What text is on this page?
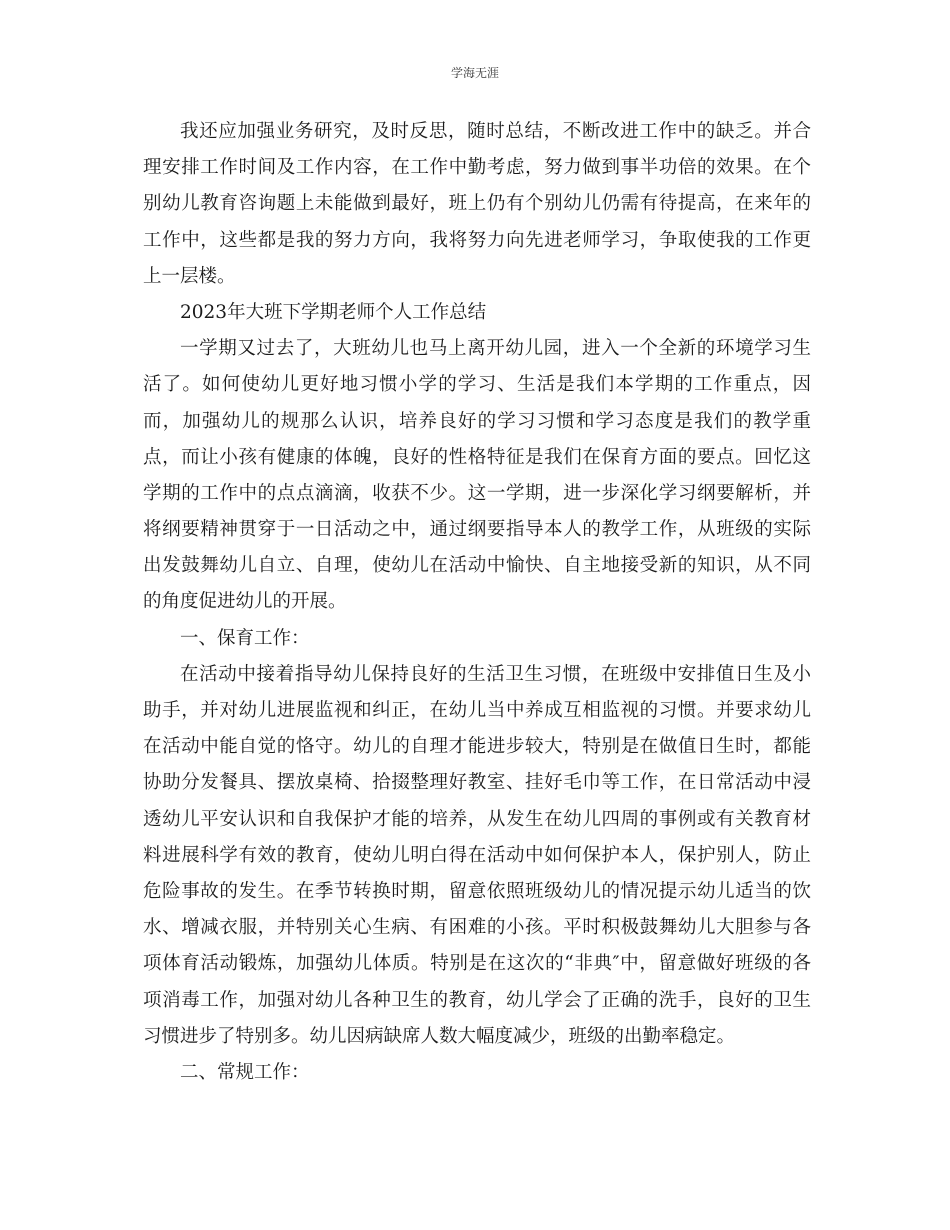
学海无涯
我还应加强业务研究，及时反思，随时总结，不断改进工作中的缺乏。并合
理安排工作时间及工作内容，在工作中勤考虑，努力做到事半功倍的效果。在个
别幼儿教育咨询题上未能做到最好，班上仍有个别幼儿仍需有待提高，在来年的
工作中，这些都是我的努力方向，我将努力向先进老师学习，争取使我的工作更
上一层楼。
2023年大班下学期老师个人工作总结
一学期又过去了，大班幼儿也马上离开幼儿园，进入一个全新的环境学习生
活了。如何使幼儿更好地习惯小学的学习、生活是我们本学期的工作重点，因
而，加强幼儿的规那么认识，培养良好的学习习惯和学习态度是我们的教学重
点，而让小孩有健康的体魄，良好的性格特征是我们在保育方面的要点。回忆这
学期的工作中的点点滴滴，收获不少。这一学期，进一步深化学习纲要解析，并
将纲要精神贯穿于一日活动之中，通过纲要指导本人的教学工作，从班级的实际
出发鼓舞幼儿自立、自理，使幼儿在活动中愉快、自主地接受新的知识，从不同
的角度促进幼儿的开展。
一、保育工作：
在活动中接着指导幼儿保持良好的生活卫生习惯，在班级中安排值日生及小
助手，并对幼儿进展监视和纠正，在幼儿当中养成互相监视的习惯。并要求幼儿
在活动中能自觉的恪守。幼儿的自理才能进步较大，特别是在做值日生时，都能
协助分发餐具、摆放桌椅、拾掇整理好教室、挂好毛巾等工作，在日常活动中浸
透幼儿平安认识和自我保护才能的培养，从发生在幼儿四周的事例或有关教育材
料进展科学有效的教育，使幼儿明白得在活动中如何保护本人，保护别人，防止
危险事故的发生。在季节转换时期，留意依照班级幼儿的情况提示幼儿适当的饮
水、增减衣服，并特别关心生病、有困难的小孩。平时积极鼓舞幼儿大胆参与各
项体育活动锻炼，加强幼儿体质。特别是在这次的“非典″中，留意做好班级的各
项消毒工作，加强对幼儿各种卫生的教育，幼儿学会了正确的洗手，良好的卫生
习惯进步了特别多。幼儿因病缺席人数大幅度减少，班级的出勤率稳定。
二、常规工作：
